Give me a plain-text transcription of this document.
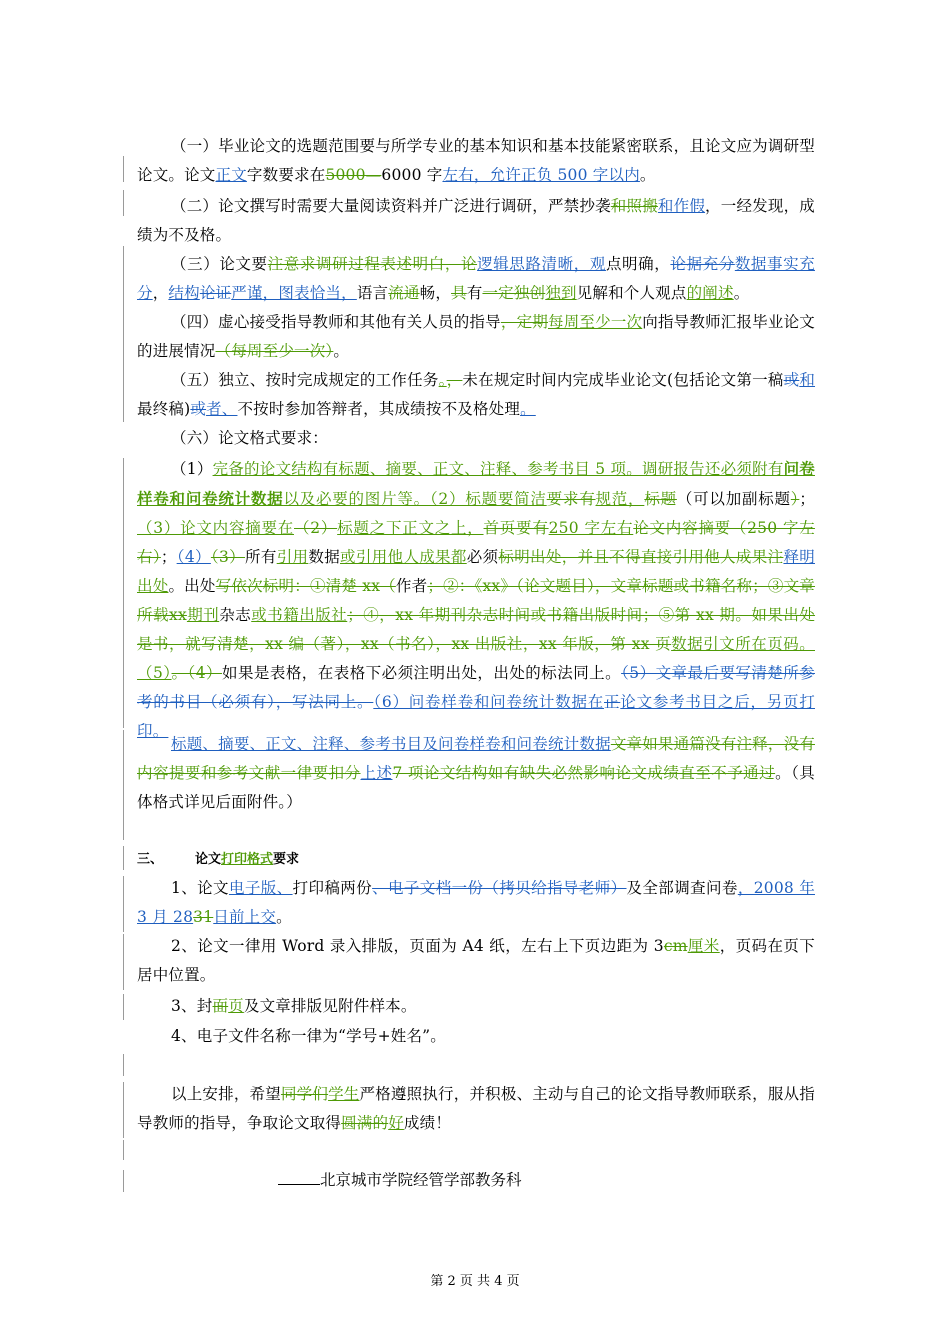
（一）毕业论文的选题范围要与所学专业的基本知识和基本技能紧密联系，且论文应为调研型论文。论文正文字数要求在5000—6000 字左右，允许正负 500 字以内。

（二）论文撰写时需要大量阅读资料并广泛进行调研，严禁抄袭和照搬和作假，一经发现，成绩为不及格。

（三）论文要注意求调研过程表述明白，论逻辑思路清晰，观点明确，论据充分数据事实充分，结构论证严谨，图表恰当，语言流通畅，具有一定独创独到见解和个人观点的阐述。

（四）虚心接受指导教师和其他有关人员的指导，定期每周至少一次向指导教师汇报毕业论文的进展情况（每周至少一次）。

（五）独立、按时完成规定的工作任务。，未在规定时间内完成毕业论文(包括论文第一稿或和最终稿)或者、不按时参加答辩者，其成绩按不及格处理。

（六）论文格式要求：

（1）完备的论文结构有标题、摘要、正文、注释、参考书目 5 项。调研报告还必须附有问卷样卷和问卷统计数据以及必要的图片等。（2）标题要简洁要求有规范，标题（可以加副标题）；（3）论文内容摘要在（2）标题之下正文之上，首页要有250 字左右论文内容摘要（250 字左右）；（4）（3）所有引用数据或引用他人成果都必须标明出处，并且不得直接引用他人成果注释明出处。出处写依次标明：①清楚 xx（作者；②：《xx》（论文题目），文章标题或书籍名称；③文章所载xx期刊杂志或书籍出版社；④，xx 年期刊杂志时间或书籍出版时间；⑤第 xx 期。如果出处是书，就写清楚，xx 编（著），xx（书名），xx 出版社，xx 年版，第 xx 页数据引文所在页码。（5）。（4）如果是表格，在表格下必须注明出处，出处的标法同上。（5）文章最后要写清楚所参考的书目（必须有），写法同上。（6）问卷样卷和问卷统计数据在正论文参考书目之后，另页打印。

标题、摘要、正文、注释、参考书目及问卷样卷和问卷统计数据文章如果通篇没有注释，没有内容提要和参考文献一律要扣分上述7 项论文结构如有缺失必然影响论文成绩直至不予通过。（具体格式详见后面附件。）

三、 论文打印格式要求

1、论文电子版、打印稿两份、电子文档一份（拷贝给指导老师）及全部调查问卷，2008 年 3 月 2831日前上交。

2、论文一律用 Word 录入排版，页面为 A4 纸，左右上下页边距为 3cm厘米，页码在页下居中位置。

3、封面页及文章排版见附件样本。

4、电子文件名称一律为“学号+姓名”。

以上安排，希望同学们学生严格遵照执行，并积极、主动与自己的论文指导教师联系，服从指导教师的指导，争取论文取得圆满的好成绩！

北京城市学院经管学部教务科
第 2 页 共 4 页
